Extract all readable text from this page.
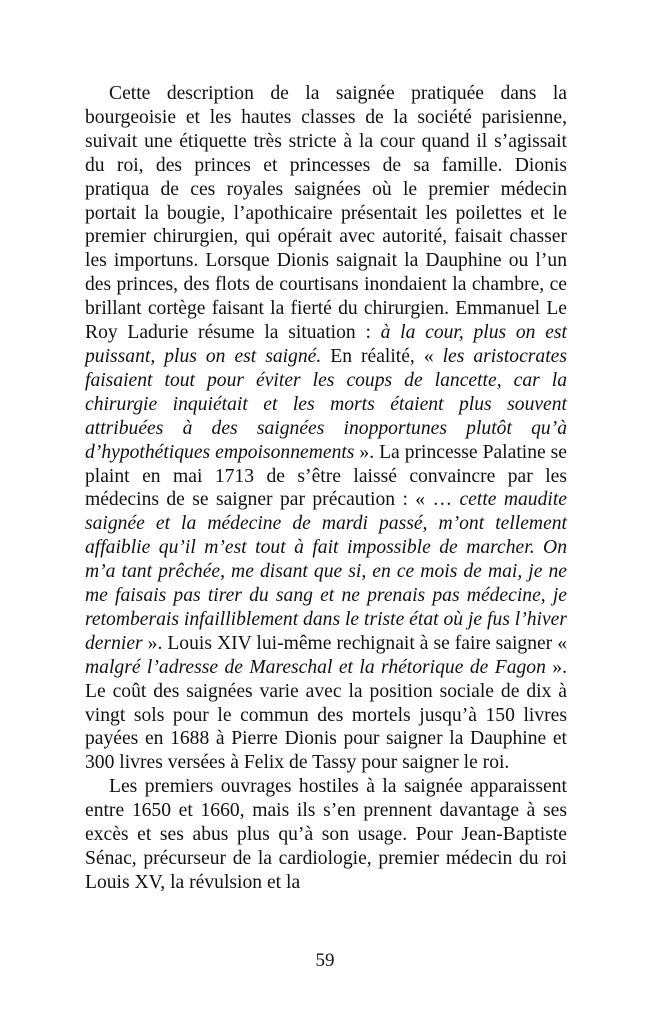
Cette description de la saignée pratiquée dans la bourgeoisie et les hautes classes de la société parisienne, suivait une étiquette très stricte à la cour quand il s’agissait du roi, des princes et princesses de sa famille. Dionis pratiqua de ces royales saignées où le premier médecin portait la bougie, l’apothicaire présentait les poilettes et le premier chirurgien, qui opérait avec autorité, faisait chasser les importuns. Lorsque Dionis saignait la Dauphine ou l’un des princes, des flots de courtisans inondaient la chambre, ce brillant cortège faisant la fierté du chirurgien. Emmanuel Le Roy Ladurie résume la situation : à la cour, plus on est puissant, plus on est saigné. En réalité, « les aristocrates faisaient tout pour éviter les coups de lancette, car la chirurgie inquiétait et les morts étaient plus souvent attribuées à des saignées inopportunes plutôt qu’à d’hypothétiques empoisonnements ». La princesse Palatine se plaint en mai 1713 de s’être laissé convaincre par les médecins de se saigner par précaution : « … cette maudite saignée et la médecine de mardi passé, m’ont tellement affaiblie qu’il m’est tout à fait impossible de marcher. On m’a tant prêchée, me disant que si, en ce mois de mai, je ne me faisais pas tirer du sang et ne prenais pas médecine, je retomberais infailliblement dans le triste état où je fus l’hiver dernier ». Louis XIV lui-même rechignait à se faire saigner « malgré l’adresse de Mareschal et la rhétorique de Fagon ». Le coût des saignées varie avec la position sociale de dix à vingt sols pour le commun des mortels jusqu’à 150 livres payées en 1688 à Pierre Dionis pour saigner la Dauphine et 300 livres versées à Felix de Tassy pour saigner le roi.

Les premiers ouvrages hostiles à la saignée apparaissent entre 1650 et 1660, mais ils s’en prennent davantage à ses excès et ses abus plus qu’à son usage. Pour Jean-Baptiste Sénac, précurseur de la cardiologie, premier médecin du roi Louis XV, la révulsion et la

59
